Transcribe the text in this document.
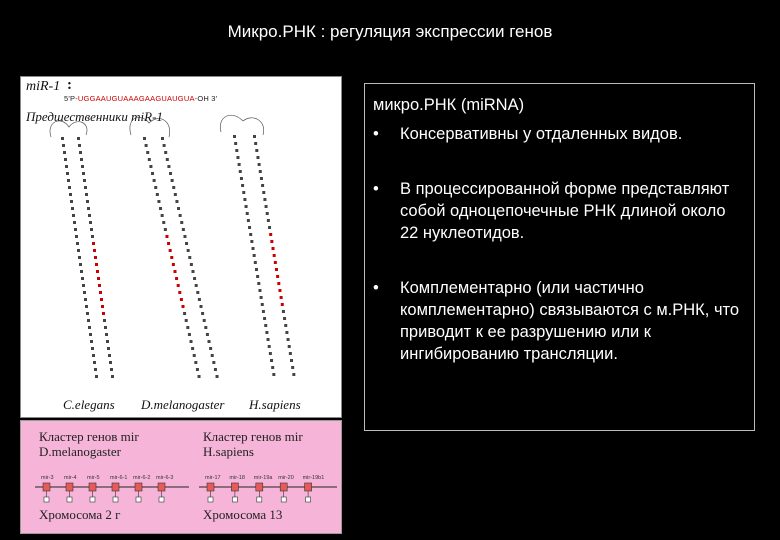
Микро.РНК : регуляция экспрессии генов
miR-1 :
5'P-UGGAAUGUAAAGAAGUAUGUA-OH 3'
Предшественники miR-1
C.elegans D.melanogaster H.sapiens
Кластер генов mir
D.melanogaster
Кластер генов mir
H.sapiens
mir-3 mir-4 mir-5 mir-6-1 mir-6-2 mir-6-3	mir-17 mir-18 mir-19a mir-20 mir-19b1
Хромосома 2 г	Хромосома 13
микро.РНК (miRNA)
• Консервативны у отдаленных видов.
• В процессированной форме представляют собой одноцепочечные РНК длиной около 22 нуклеотидов.
• Комплементарно (или частично комплементарно) связываются с м.РНК, что приводит к ее разрушению или к ингибированию трансляции.
